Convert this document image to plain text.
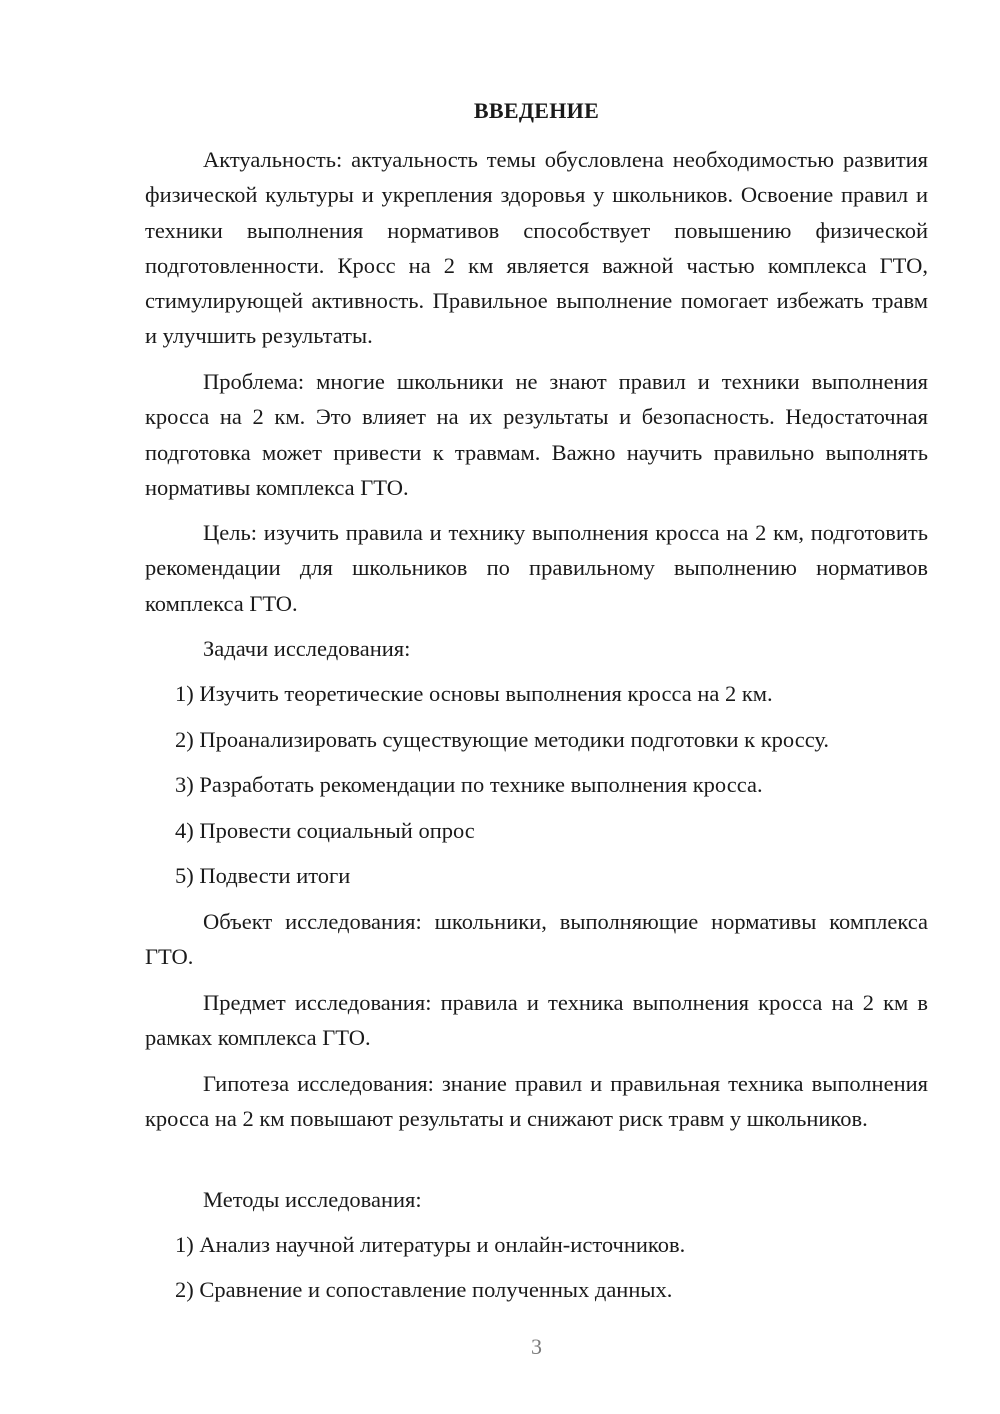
ВВЕДЕНИЕ

Актуальность: актуальность темы обусловлена необходимостью развития физической культуры и укрепления здоровья у школьников. Освоение правил и техники выполнения нормативов способствует повышению физической подготовленности. Кросс на 2 км является важной частью комплекса ГТО, стимулирующей активность. Правильное выполнение помогает избежать травм и улучшить результаты.

Проблема: многие школьники не знают правил и техники выполнения кросса на 2 км. Это влияет на их результаты и безопасность. Недостаточная подготовка может привести к травмам. Важно научить правильно выполнять нормативы комплекса ГТО.

Цель: изучить правила и технику выполнения кросса на 2 км, подготовить рекомендации для школьников по правильному выполнению нормативов комплекса ГТО.

Задачи исследования:

1) Изучить теоретические основы выполнения кросса на 2 км.

2) Проанализировать существующие методики подготовки к кроссу.

3) Разработать рекомендации по технике выполнения кросса.

4) Провести социальный опрос

5) Подвести итоги

Объект исследования: школьники, выполняющие нормативы комплекса ГТО.

Предмет исследования: правила и техника выполнения кросса на 2 км в рамках комплекса ГТО.

Гипотеза исследования: знание правил и правильная техника выполнения кросса на 2 км повышают результаты и снижают риск травм у школьников.

Методы исследования:

1) Анализ научной литературы и онлайн-источников.

2) Сравнение и сопоставление полученных данных.

3
